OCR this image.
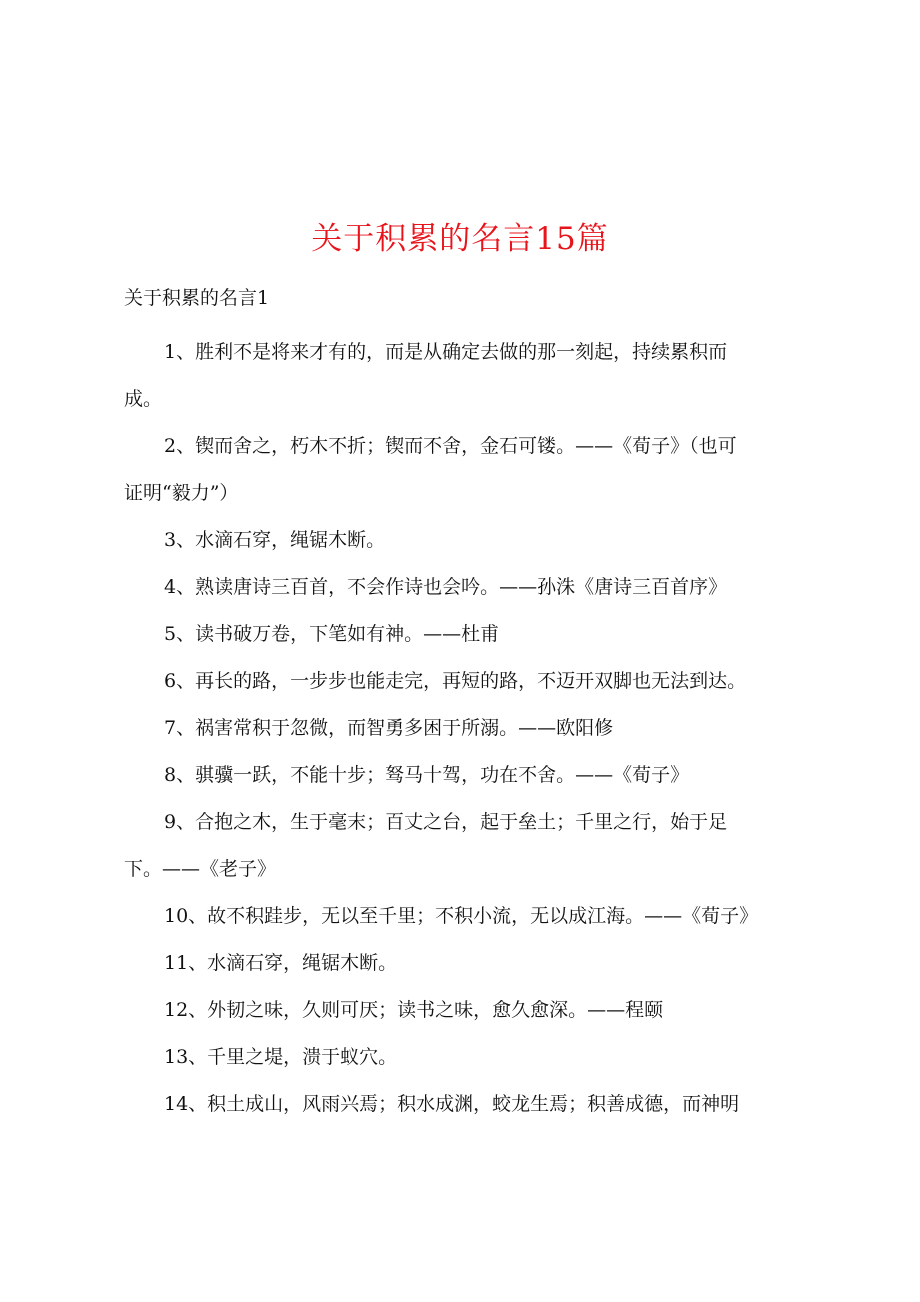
关于积累的名言15篇

关于积累的名言1

1、胜利不是将来才有的，而是从确定去做的那一刻起，持续累积而
成。

2、锲而舍之，朽木不折；锲而不舍，金石可镂。——《荀子》（也可
证明“毅力”）

3、水滴石穿，绳锯木断。

4、熟读唐诗三百首，不会作诗也会吟。——孙洙《唐诗三百首序》

5、读书破万卷，下笔如有神。——杜甫

6、再长的路，一步步也能走完，再短的路，不迈开双脚也无法到达。

7、祸害常积于忽微，而智勇多困于所溺。——欧阳修

8、骐骥一跃，不能十步；驽马十驾，功在不舍。——《荀子》

9、合抱之木，生于毫末；百丈之台，起于垒土；千里之行，始于足
下。——《老子》

10、故不积跬步，无以至千里；不积小流，无以成江海。——《荀子》

11、水滴石穿，绳锯木断。

12、外韧之味，久则可厌；读书之味，愈久愈深。——程颐

13、千里之堤，溃于蚁穴。

14、积土成山，风雨兴焉；积水成渊，蛟龙生焉；积善成德，而神明
